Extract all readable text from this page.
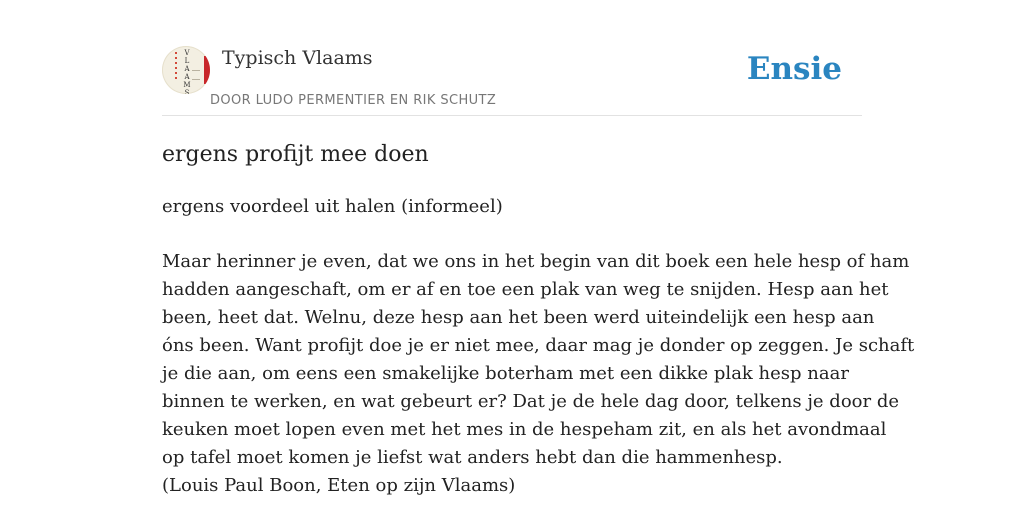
V
L
A
A
M
S
Typisch Vlaams
DOOR LUDO PERMENTIER EN RIK SCHUTZ
Ensie
ergens profijt mee doen

ergens voordeel uit halen (informeel)

Maar herinner je even, dat we ons in het begin van dit boek een hele hesp of ham
hadden aangeschaft, om er af en toe een plak van weg te snijden. Hesp aan het
been, heet dat. Welnu, deze hesp aan het been werd uiteindelijk een hesp aan
óns been. Want profijt doe je er niet mee, daar mag je donder op zeggen. Je schaft
je die aan, om eens een smakelijke boterham met een dikke plak hesp naar
binnen te werken, en wat gebeurt er? Dat je de hele dag door, telkens je door de
keuken moet lopen even met het mes in de hespeham zit, en als het avondmaal
op tafel moet komen je liefst wat anders hebt dan die hammenhesp.
(Louis Paul Boon, Eten op zijn Vlaams)
